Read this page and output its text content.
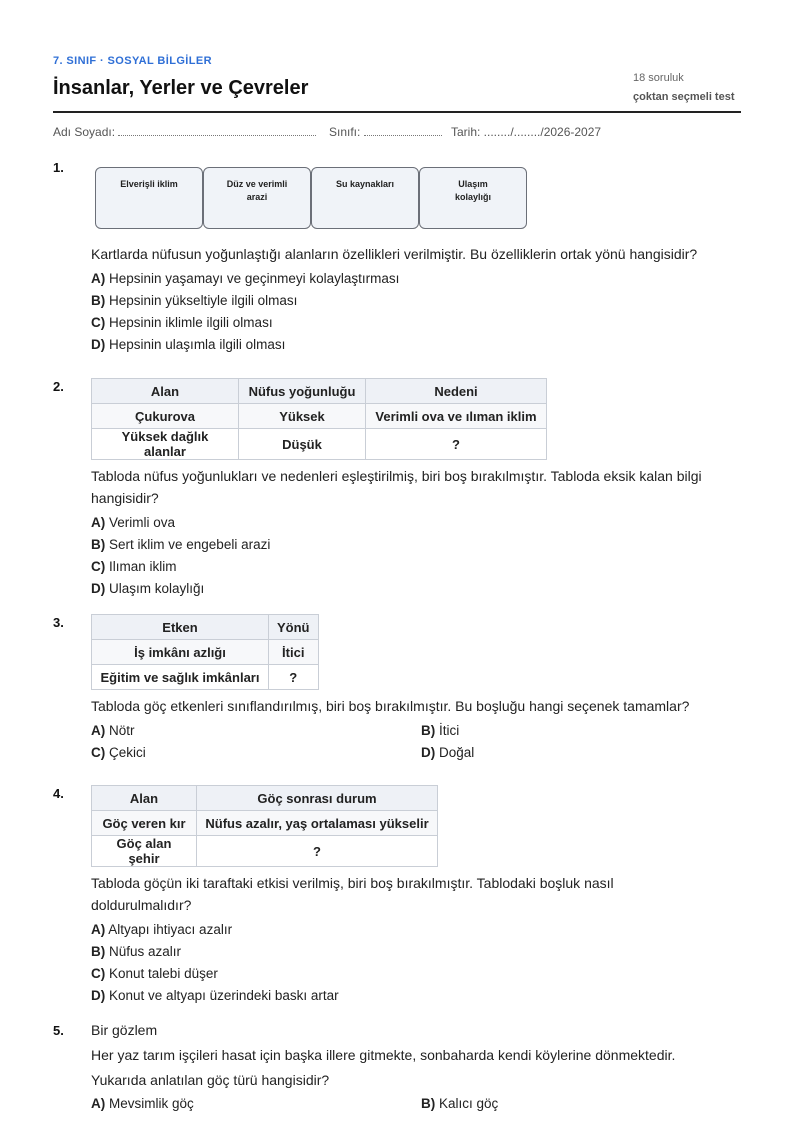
7. SINIF · SOSYAL BİLGİLER
İnsanlar, Yerler ve Çevreler	18 soruluk
çoktan seçmeli test
Adı Soyadı:	Sınıfı:	Tarih: ......../......../2026-2027
1.
Elverişli iklim	Düz ve verimli arazi
Su kaynakları	Ulaşım kolaylığı

Kartlarda nüfusun yoğunlaştığı alanların özellikleri verilmiştir. Bu özelliklerin ortak yönü hangisidir?

A) Hepsinin yaşamayı ve geçinmeyi kolaylaştırması
B) Hepsinin yükseltiyle ilgili olması
C) Hepsinin iklimle ilgili olması
D) Hepsinin ulaşımla ilgili olması
2.	Alan	Nüfus yoğunluğu	Nedeni
Çukurova	Yüksek	Verimli ova ve ılıman iklim
Yüksek dağlık alanlar	Düşük	?

Tabloda nüfus yoğunlukları ve nedenleri eşleştirilmiş, biri boş bırakılmıştır. Tabloda eksik kalan bilgi hangisidir?

A) Verimli ova
B) Sert iklim ve engebeli arazi
C) Ilıman iklim
D) Ulaşım kolaylığı
3.	Etken	Yönü
İş imkânı azlığı	İtici
Eğitim ve sağlık imkânları	?

Tabloda göç etkenleri sınıflandırılmış, biri boş bırakılmıştır. Bu boşluğu hangi seçenek tamamlar?

A) Nötr	B) İtici
C) Çekici	D) Doğal
4.	Alan	Göç sonrası durum
Göç veren kır	Nüfus azalır, yaş ortalaması yükselir
Göç alan şehir	?

Tabloda göçün iki taraftaki etkisi verilmiş, biri boş bırakılmıştır. Tablodaki boşluk nasıl doldurulmalıdır?

A) Altyapı ihtiyacı azalır
B) Nüfus azalır
C) Konut talebi düşer
D) Konut ve altyapı üzerindeki baskı artar
5. Bir gözlem
Her yaz tarım işçileri hasat için başka illere gitmekte, sonbaharda kendi köylerine dönmektedir.
Yukarıda anlatılan göç türü hangisidir?
A) Mevsimlik göç	B) Kalıcı göç
